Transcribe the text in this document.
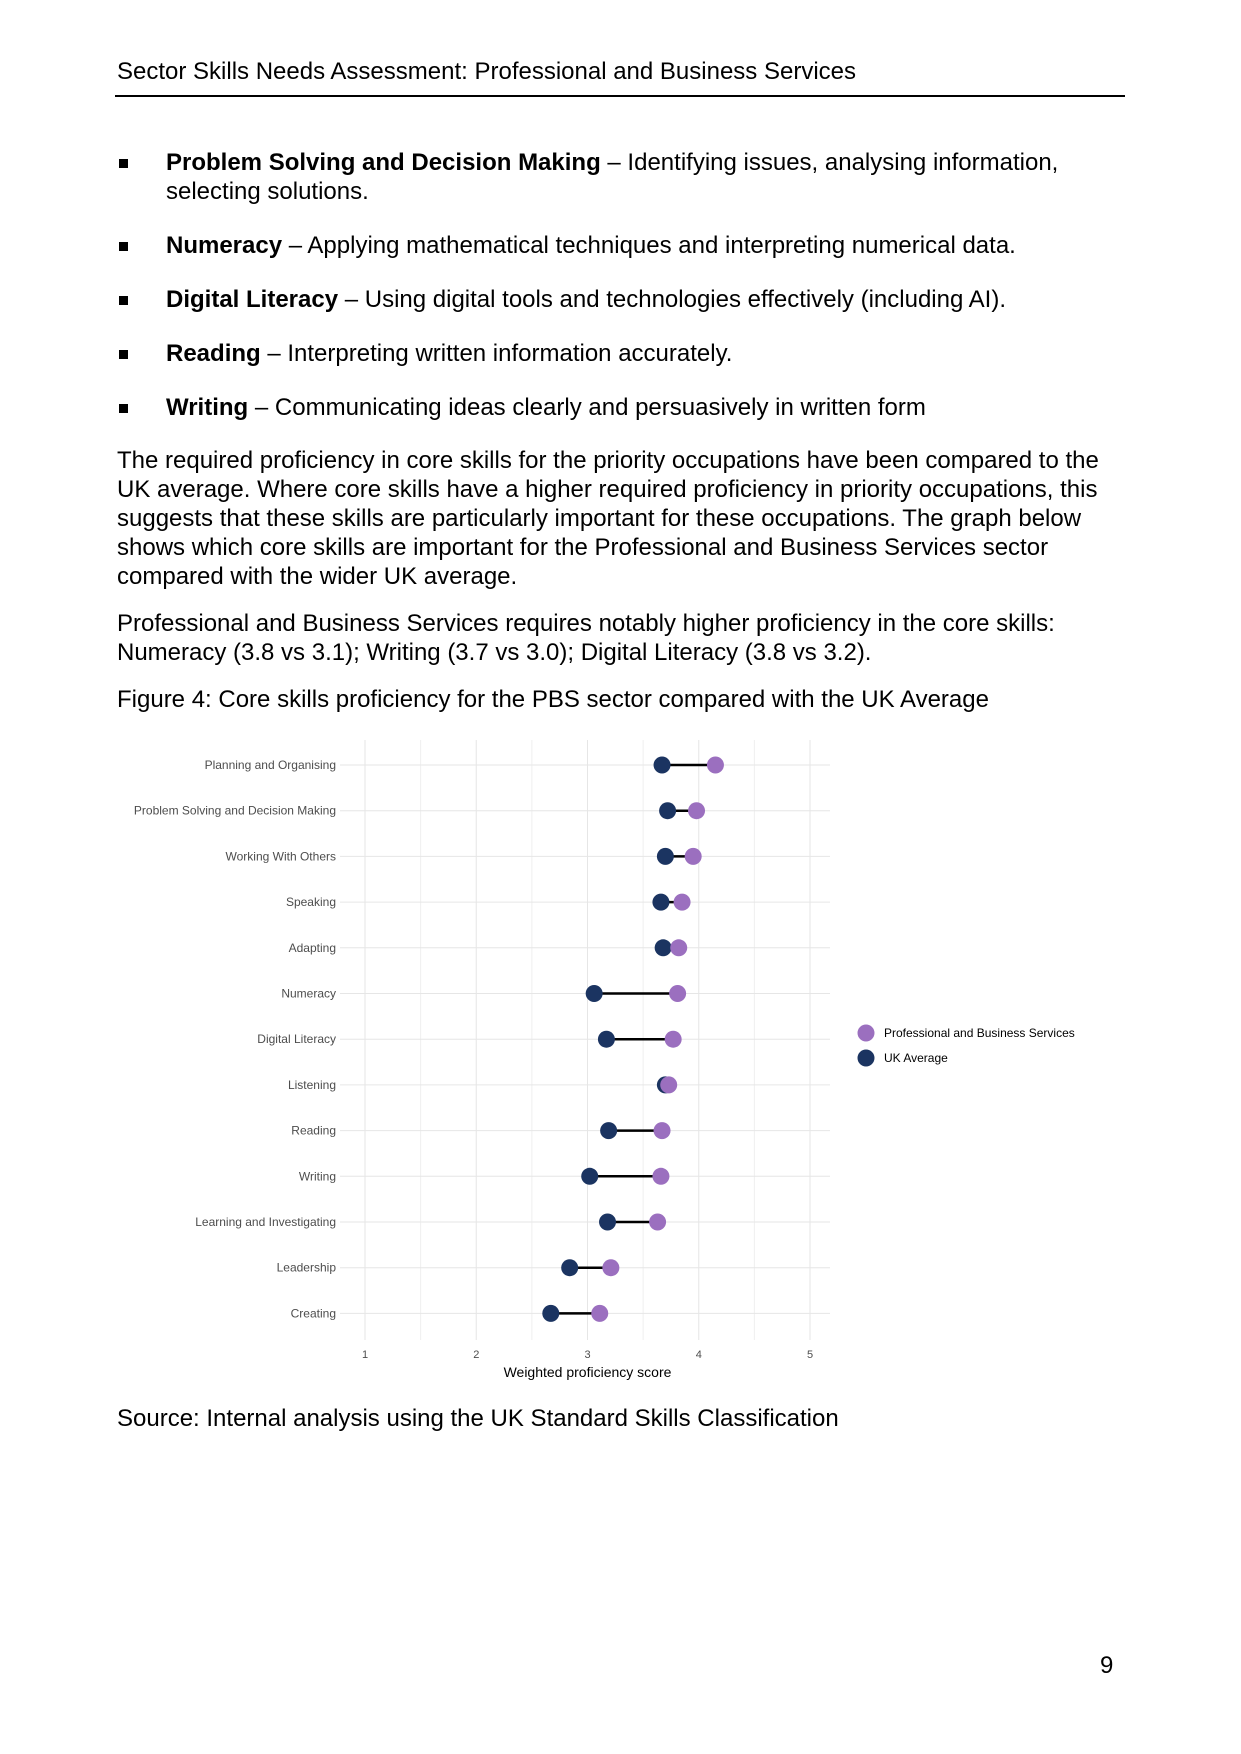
Sector Skills Needs Assessment: Professional and Business Services
Problem Solving and Decision Making – Identifying issues, analysing information, selecting solutions.
Numeracy – Applying mathematical techniques and interpreting numerical data.
Digital Literacy – Using digital tools and technologies effectively (including AI).
Reading – Interpreting written information accurately.
Writing – Communicating ideas clearly and persuasively in written form

The required proficiency in core skills for the priority occupations have been compared to the UK average. Where core skills have a higher required proficiency in priority occupations, this suggests that these skills are particularly important for these occupations. The graph below shows which core skills are important for the Professional and Business Services sector compared with the wider UK average.

Professional and Business Services requires notably higher proficiency in the core skills: Numeracy (3.8 vs 3.1); Writing (3.7 vs 3.0); Digital Literacy (3.8 vs 3.2).

Figure 4: Core skills proficiency for the PBS sector compared with the UK Average

Planning and Organising
Problem Solving and Decision Making
Working With Others
Speaking
Adapting
Numeracy
Digital Literacy
Listening
Reading
Writing
Learning and Investigating
Leadership
Creating
1	2	3	4	5
Weighted proficiency score
Professional and Business Services
UK Average

Source: Internal analysis using the UK Standard Skills Classification

9
